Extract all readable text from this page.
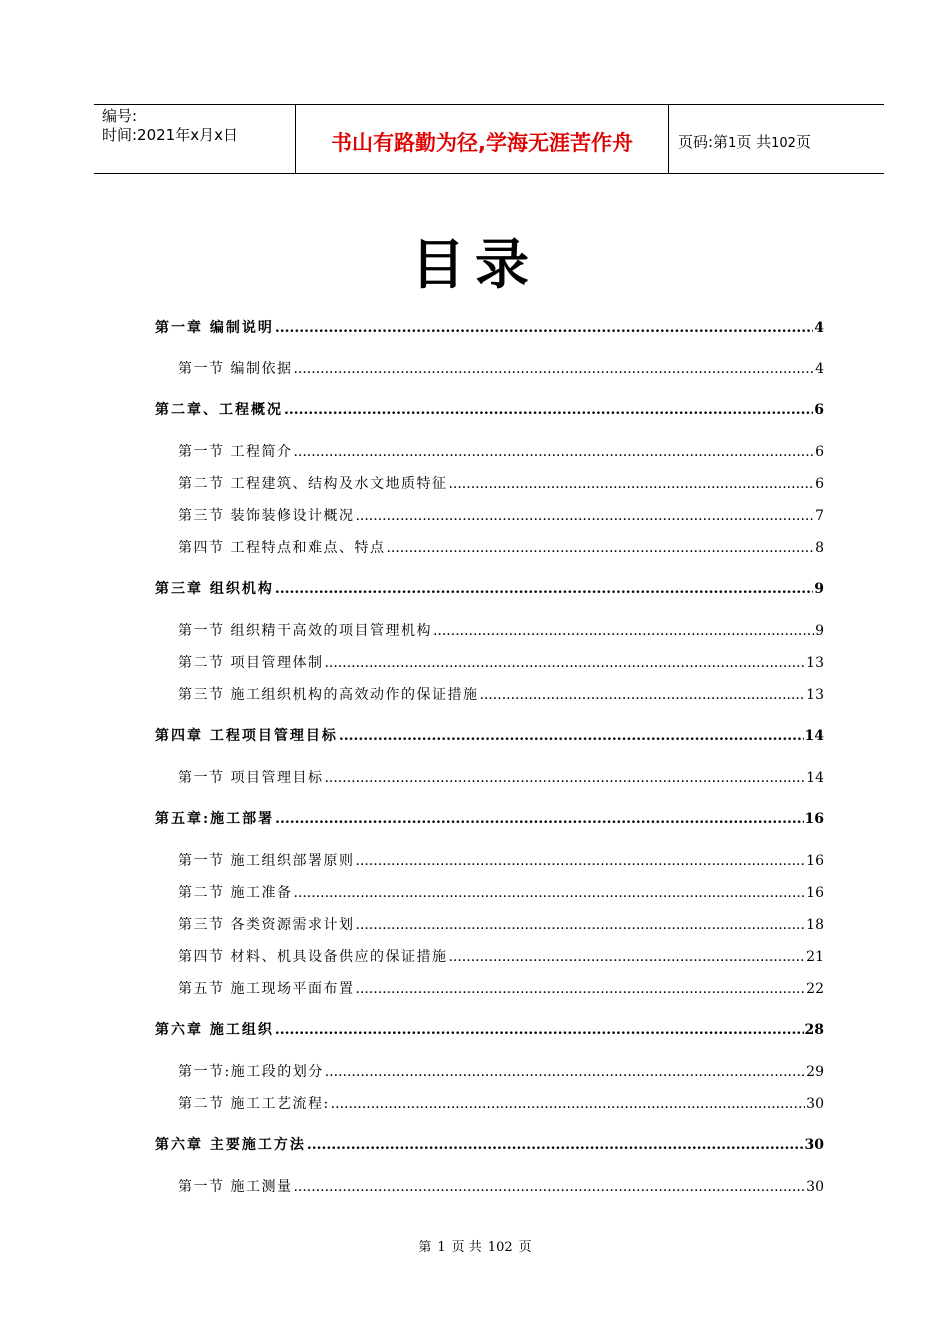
编号:
时间:2021年x月x日	书山有路勤为径,学海无涯苦作舟	页码:第1页 共102页
目录
第一章 编制说明 .....	4
第一节 编制依据 .....	4
第二章、工程概况 .....	6
第一节 工程简介 .....	6
第二节 工程建筑、结构及水文地质特征 .....	6
第三节 装饰装修设计概况 .....	7
第四节 工程特点和难点、特点 .....	8
第三章 组织机构 .....	9
第一节 组织精干高效的项目管理机构 .....	9
第二节 项目管理体制 .....	13
第三节 施工组织机构的高效动作的保证措施 .....	13
第四章 工程项目管理目标 .....	14
第一节 项目管理目标 .....	14
第五章:施工部署 .....	16
第一节 施工组织部署原则 .....	16
第二节 施工准备 .....	16
第三节 各类资源需求计划 .....	18
第四节 材料、机具设备供应的保证措施 .....	21
第五节 施工现场平面布置 .....	22
第六章 施工组织 .....	28
第一节:施工段的划分 .....	29
第二节 施工工艺流程: .....	30
第六章 主要施工方法 .....	30
第一节 施工测量 .....	30
第 1 页 共 102 页
